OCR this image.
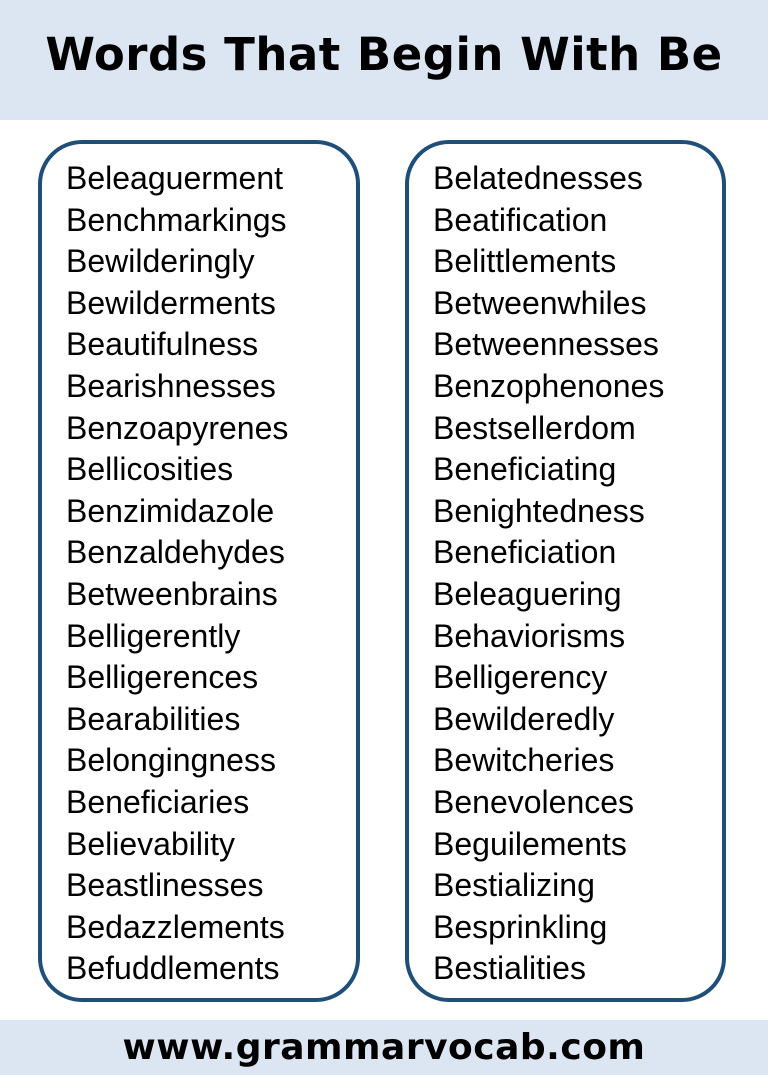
Words That Begin With Be
Beleaguerment
Benchmarkings
Bewilderingly
Bewilderments
Beautifulness
Bearishnesses
Benzoapyrenes
Bellicosities
Benzimidazole
Benzaldehydes
Betweenbrains
Belligerently
Belligerences
Bearabilities
Belongingness
Beneficiaries
Believability
Beastlinesses
Bedazzlements
Befuddlements
Belatednesses
Beatification
Belittlements
Betweenwhiles
Betweennesses
Benzophenones
Bestsellerdom
Beneficiating
Benightedness
Beneficiation
Beleaguering
Behaviorisms
Belligerency
Bewilderedly
Bewitcheries
Benevolences
Beguilements
Bestializing
Besprinkling
Bestialities
www.grammarvocab.com
